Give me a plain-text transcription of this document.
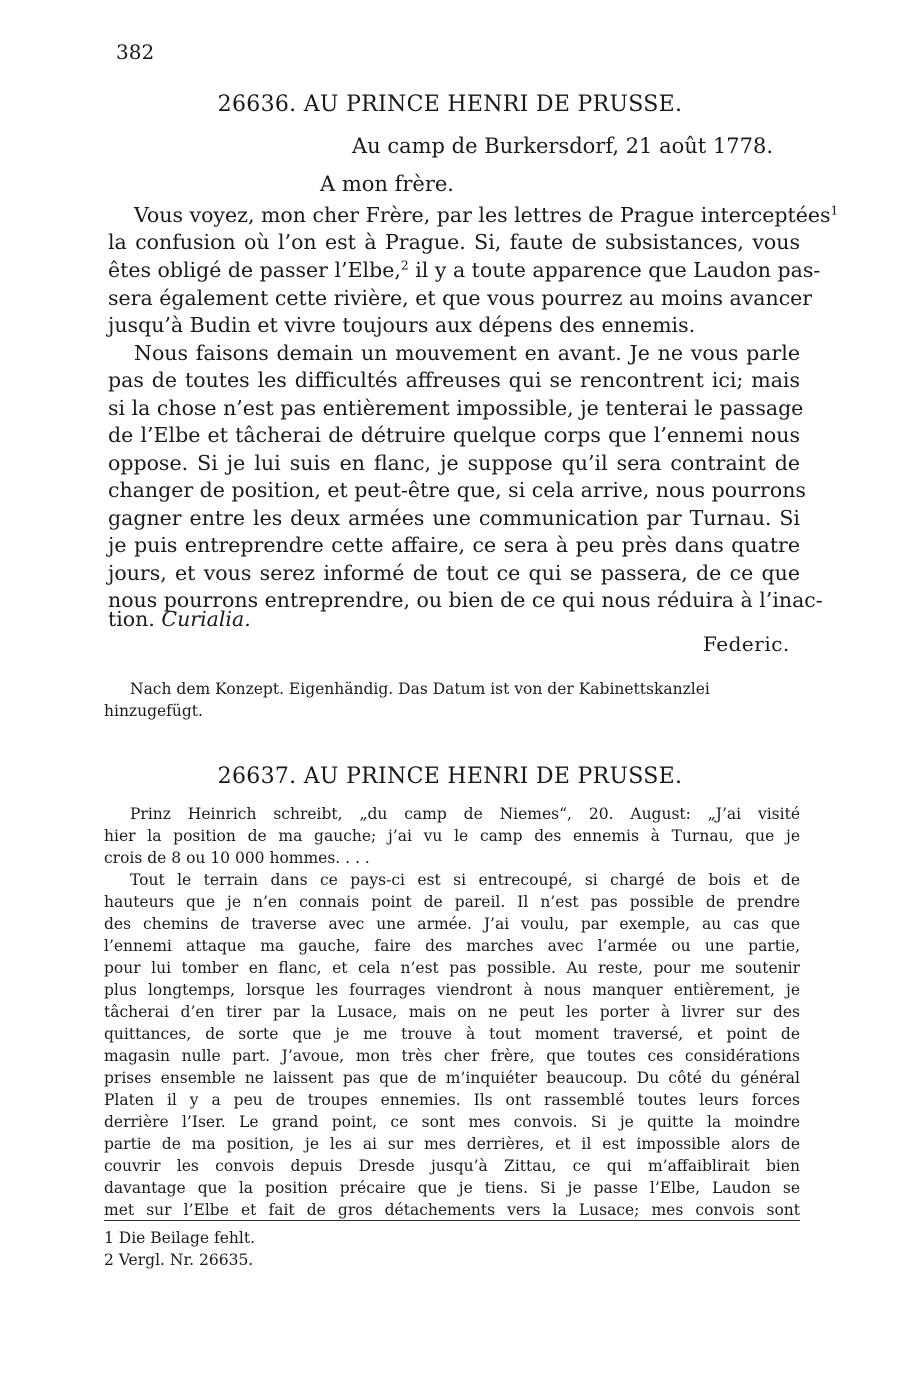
382
26636. AU PRINCE HENRI DE PRUSSE.
Au camp de Burkersdorf, 21 août 1778.
A mon frère.
Vous voyez, mon cher Frère, par les lettres de Prague interceptées$^1$
la confusion où l’on est à Prague. Si, faute de subsistances, vous
êtes obligé de passer l’Elbe,$^2$ il y a toute apparence que Laudon pas-
sera également cette rivière, et que vous pourrez au moins avancer
jusqu’à Budin et vivre toujours aux dépens des ennemis.
Nous faisons demain un mouvement en avant. Je ne vous parle
pas de toutes les difficultés affreuses qui se rencontrent ici; mais
si la chose n’est pas entièrement impossible, je tenterai le passage
de l’Elbe et tâcherai de détruire quelque corps que l’ennemi nous
oppose. Si je lui suis en flanc, je suppose qu’il sera contraint de
changer de position, et peut-être que, si cela arrive, nous pourrons
gagner entre les deux armées une communication par Turnau. Si
je puis entreprendre cette affaire, ce sera à peu près dans quatre
jours, et vous serez informé de tout ce qui se passera, de ce que
nous pourrons entreprendre, ou bien de ce qui nous réduira à l’inac-
tion. Curialia.
Federic.
Nach dem Konzept. Eigenhändig. Das Datum ist von der Kabinettskanzlei
hinzugefügt.
26637. AU PRINCE HENRI DE PRUSSE.
Prinz Heinrich schreibt, „du camp de Niemes“, 20. August: „J’ai visité
hier la position de ma gauche; j’ai vu le camp des ennemis à Turnau, que je
crois de 8 ou 10 000 hommes. . . .
Tout le terrain dans ce pays-ci est si entrecoupé, si chargé de bois et de
hauteurs que je n’en connais point de pareil. Il n’est pas possible de prendre
des chemins de traverse avec une armée. J’ai voulu, par exemple, au cas que
l’ennemi attaque ma gauche, faire des marches avec l’armée ou une partie,
pour lui tomber en flanc, et cela n’est pas possible. Au reste, pour me soutenir
plus longtemps, lorsque les fourrages viendront à nous manquer entièrement, je
tâcherai d’en tirer par la Lusace, mais on ne peut les porter à livrer sur des
quittances, de sorte que je me trouve à tout moment traversé, et point de
magasin nulle part. J’avoue, mon très cher frère, que toutes ces considérations
prises ensemble ne laissent pas que de m’inquiéter beaucoup. Du côté du général
Platen il y a peu de troupes ennemies. Ils ont rassemblé toutes leurs forces
derrière l’Iser. Le grand point, ce sont mes convois. Si je quitte la moindre
partie de ma position, je les ai sur mes derrières, et il est impossible alors de
couvrir les convois depuis Dresde jusqu’à Zittau, ce qui m’affaiblirait bien
davantage que la position précaire que je tiens. Si je passe l’Elbe, Laudon se
met sur l’Elbe et fait de gros détachements vers la Lusace; mes convois sont
1 Die Beilage fehlt.
2 Vergl. Nr. 26635.
